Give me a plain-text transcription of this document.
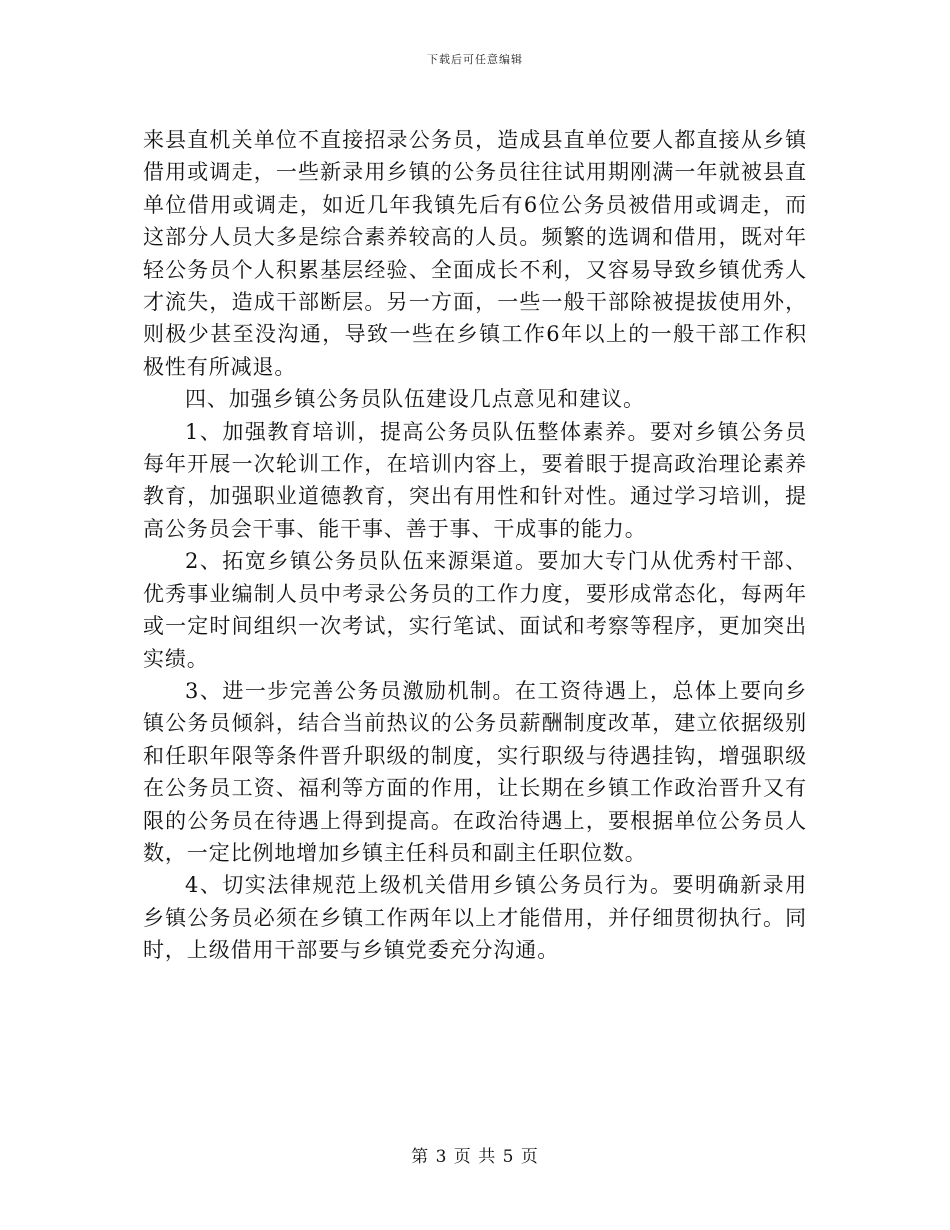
下载后可任意编辑

来县直机关单位不直接招录公务员，造成县直单位要人都直接从乡镇借用或调走，一些新录用乡镇的公务员往往试用期刚满一年就被县直单位借用或调走，如近几年我镇先后有6位公务员被借用或调走，而这部分人员大多是综合素养较高的人员。频繁的选调和借用，既对年轻公务员个人积累基层经验、全面成长不利，又容易导致乡镇优秀人才流失，造成干部断层。另一方面，一些一般干部除被提拔使用外，则极少甚至没沟通，导致一些在乡镇工作6年以上的一般干部工作积极性有所减退。

四、加强乡镇公务员队伍建设几点意见和建议。

1、加强教育培训，提高公务员队伍整体素养。要对乡镇公务员每年开展一次轮训工作，在培训内容上，要着眼于提高政治理论素养教育，加强职业道德教育，突出有用性和针对性。通过学习培训，提高公务员会干事、能干事、善于事、干成事的能力。

2、拓宽乡镇公务员队伍来源渠道。要加大专门从优秀村干部、优秀事业编制人员中考录公务员的工作力度，要形成常态化，每两年或一定时间组织一次考试，实行笔试、面试和考察等程序，更加突出实绩。

3、进一步完善公务员激励机制。在工资待遇上，总体上要向乡镇公务员倾斜，结合当前热议的公务员薪酬制度改革，建立依据级别和任职年限等条件晋升职级的制度，实行职级与待遇挂钩，增强职级在公务员工资、福利等方面的作用，让长期在乡镇工作政治晋升又有限的公务员在待遇上得到提高。在政治待遇上，要根据单位公务员人数，一定比例地增加乡镇主任科员和副主任职位数。

4、切实法律规范上级机关借用乡镇公务员行为。要明确新录用乡镇公务员必须在乡镇工作两年以上才能借用，并仔细贯彻执行。同时，上级借用干部要与乡镇党委充分沟通。

第 3 页 共 5 页
